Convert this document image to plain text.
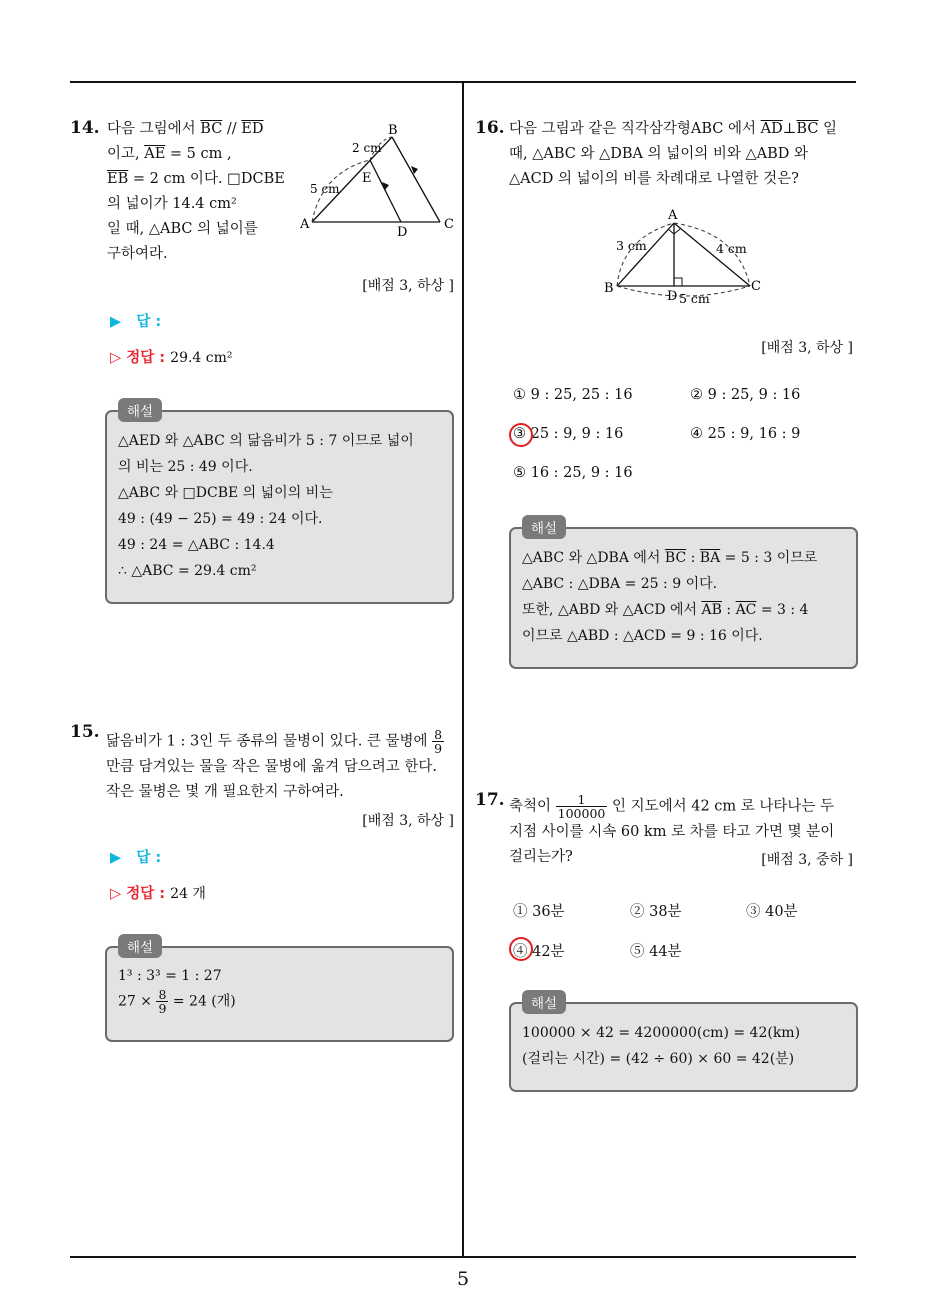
5
14. 다음 그림에서 $\overline{BC} // \overline{ED}$
이고, $\overline{AE} = 5$ cm ,
$\overline{EB} = 2$ cm 이다. □DCBE
의 넓이가 14.4 cm²
일 때, △ABC 의 넓이를
구하여라.
A
B
C
D
E
2 cm
5 cm
[배점 3, 하상 ]
▶ 답 :
▷ 정답 : 29.4 cm²
해설
△AED 와 △ABC 의 닮음비가 5 : 7 이므로 넓이
의 비는 25 : 49 이다.
△ABC 와 □DCBE 의 넓이의 비는
49 : (49 − 25) = 49 : 24 이다.
49 : 24 = △ABC : 14.4
∴ △ABC = 29.4 cm²
15. 닮음비가 1 : 3인 두 종류의 물병이 있다. 큰 물병에 $\frac{8}{9}$
만큼 담겨있는 물을 작은 물병에 옮겨 담으려고 한다.
작은 물병은 몇 개 필요한지 구하여라.
[배점 3, 하상 ]
▶ 답 :
▷ 정답 : 24 개
해설
1³ : 3³ = 1 : 27
$27 \times \frac{8}{9} = 24$ (개)
16. 다음 그림과 같은 직각삼각형ABC 에서 $\overline{AD}\perp\overline{BC}$ 일
때, △ABC 와 △DBA 의 넓이의 비와 △ABD 와
△ACD 의 넓이의 비를 차례대로 나열한 것은?
A
B	C
D
3 cm	4 cm
5 cm
[배점 3, 하상 ]
① 9 : 25, 25 : 16	② 9 : 25, 9 : 16
③ 25 : 9, 9 : 16	④ 25 : 9, 16 : 9
⑤ 16 : 25, 9 : 16
해설
△ABC 와 △DBA 에서 $\overline{BC}$ : $\overline{BA} = 5$ : 3 이므로
△ABC : △DBA = 25 : 9 이다.
또한, △ABD 와 △ACD 에서 $\overline{AB}$ : $\overline{AC} = 3$ : 4
이므로 △ABD : △ACD = 9 : 16 이다.
17. 축척이 $\frac{1}{100000}$ 인 지도에서 42 cm 로 나타나는 두
지점 사이를 시속 60 km 로 차를 타고 가면 몇 분이
걸리는가?	[배점 3, 중하 ]
① 36분	② 38분	③ 40분
④ 42분	⑤ 44분
해설
100000 × 42 = 4200000(cm) = 42(km)
(걸리는 시간) = (42 ÷ 60) × 60 = 42(분)
